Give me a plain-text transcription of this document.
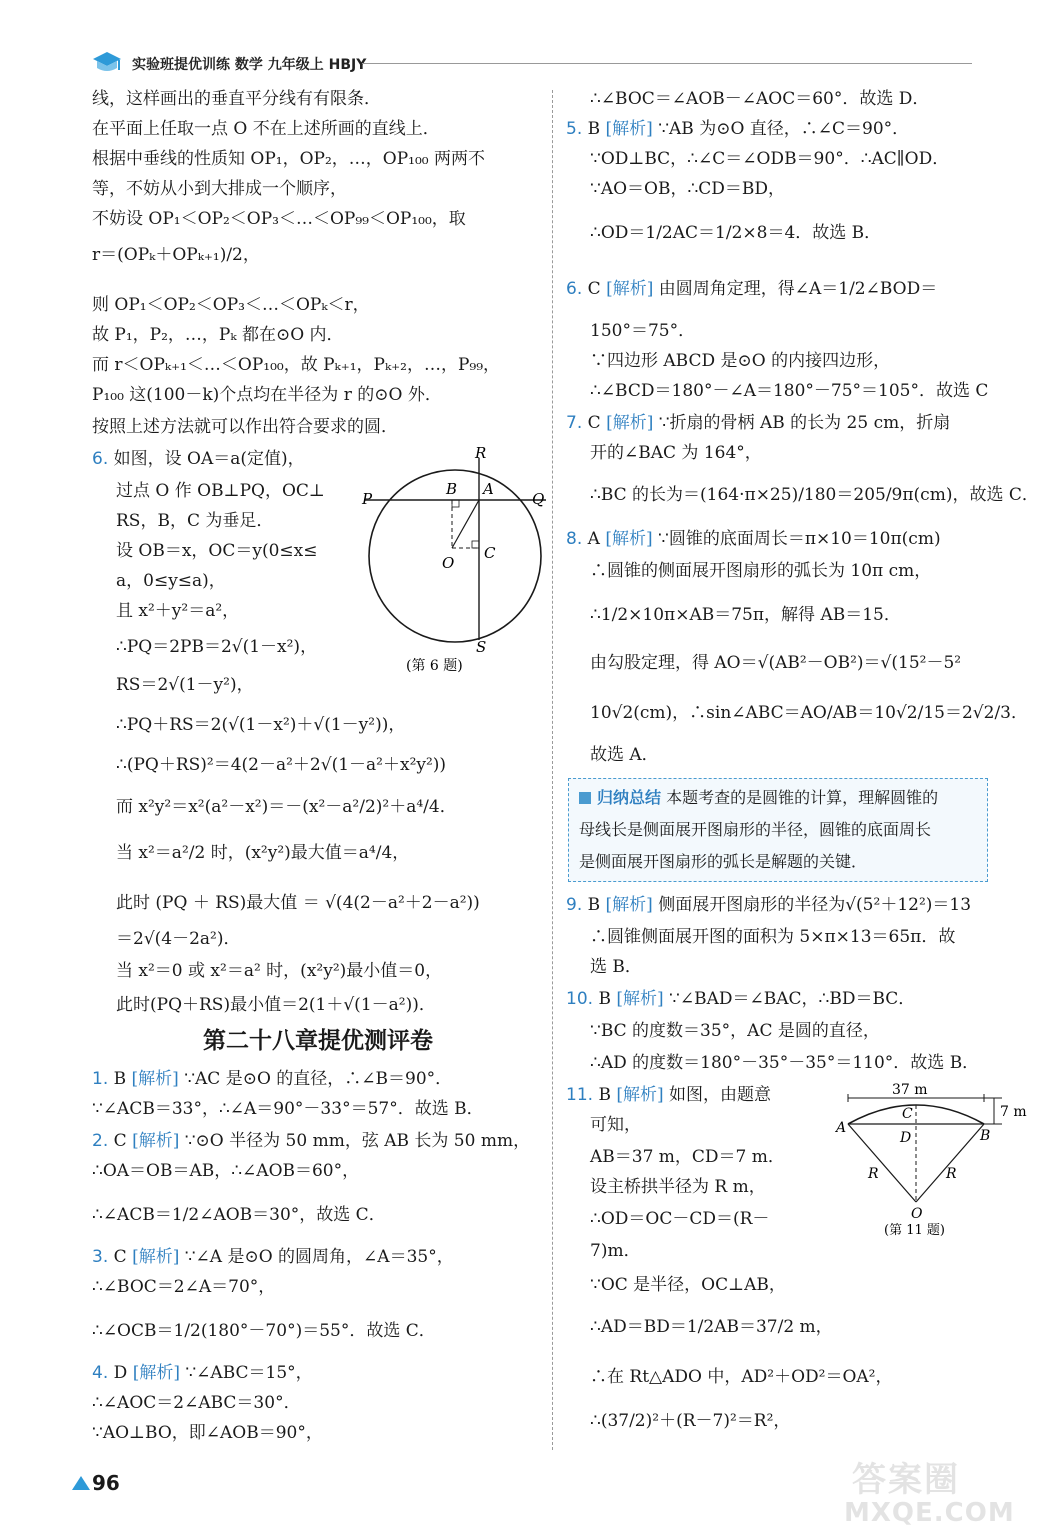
实验班提优训练 数学 九年级上 HBJY
线，这样画出的垂直平分线有有限条．
在平面上任取一点 O 不在上述所画的直线上．
根据中垂线的性质知 OP₁，OP₂，…，OP₁₀₀ 两两不
等，不妨从小到大排成一个顺序，
不妨设 OP₁＜OP₂＜OP₃＜…＜OP₉₉＜OP₁₀₀，取
r＝(OPₖ＋OPₖ₊₁)/2，
则 OP₁＜OP₂＜OP₃＜…＜OPₖ＜r，
故 P₁，P₂，…，Pₖ 都在⊙O 内．
而 r＜OPₖ₊₁＜…＜OP₁₀₀，故 Pₖ₊₁，Pₖ₊₂，…，P₉₉，
P₁₀₀ 这(100－k)个点均在半径为 r 的⊙O 外．
按照上述方法就可以作出符合要求的圆．
6. 如图，设 OA＝a(定值)，
过点 O 作 OB⊥PQ，OC⊥
RS，B，C 为垂足．
设 OB＝x，OC＝y(0≤x≤
a，0≤y≤a)，
且 x²＋y²＝a²，
∴PQ＝2PB＝2√(1－x²)，
RS＝2√(1－y²)，
∴PQ＋RS＝2(√(1－x²)＋√(1－y²))，
∴(PQ＋RS)²＝4(2－a²＋2√(1－a²＋x²y²))
而 x²y²＝x²(a²－x²)＝－(x²－a²/2)²＋a⁴/4．
当 x²＝a²/2 时，(x²y²)最大值＝a⁴/4，
此时 (PQ ＋ RS)最大值 ＝ √(4(2－a²＋2－a²))
＝2√(4－2a²)．
当 x²＝0 或 x²＝a² 时，(x²y²)最小值＝0，
此时(PQ＋RS)最小值＝2(1＋√(1－a²))．
R
P
B A
Q
C
O
S
(第 6 题)
第二十八章提优测评卷
1. B [解析] ∵AC 是⊙O 的直径，∴∠B＝90°．
∵∠ACB＝33°，∴∠A＝90°－33°＝57°．故选 B．
2. C [解析] ∵⊙O 半径为 50 mm，弦 AB 长为 50 mm，
∴OA＝OB＝AB，∴∠AOB＝60°，
∴∠ACB＝1/2∠AOB＝30°，故选 C．
3. C [解析] ∵∠A 是⊙O 的圆周角，∠A＝35°，
∴∠BOC＝2∠A＝70°，
∴∠OCB＝1/2(180°－70°)＝55°．故选 C．
4. D [解析] ∵∠ABC＝15°，
∴∠AOC＝2∠ABC＝30°．
∵AO⊥BO，即∠AOB＝90°，
∴∠BOC＝∠AOB－∠AOC＝60°．故选 D．
5. B [解析] ∵AB 为⊙O 直径，∴∠C＝90°．
∵OD⊥BC，∴∠C＝∠ODB＝90°．∴AC∥OD．
∵AO＝OB，∴CD＝BD，
∴OD＝1/2AC＝1/2×8＝4．故选 B．
6. C [解析] 由圆周角定理，得∠A＝1/2∠BOD＝
150°＝75°．
∵四边形 ABCD 是⊙O 的内接四边形，
∴∠BCD＝180°－∠A＝180°－75°＝105°．故选 C
7. C [解析] ∵折扇的骨柄 AB 的长为 25 cm，折扇
开的∠BAC 为 164°，
∴BC 的长为＝(164·π×25)/180＝205/9π(cm)，故选 C．
8. A [解析] ∵圆锥的底面周长＝π×10＝10π(cm)
∴圆锥的侧面展开图扇形的弧长为 10π cm，
∴1/2×10π×AB＝75π，解得 AB＝15．
由勾股定理，得 AO＝√(AB²－OB²)＝√(15²－5²
10√2(cm)，∴sin∠ABC＝AO/AB＝10√2/15＝2√2/3．
故选 A．
归纳总结 本题考查的是圆锥的计算，理解圆锥的
母线长是侧面展开图扇形的半径，圆锥的底面周长
是侧面展开图扇形的弧长是解题的关键．
9. B [解析] 侧面展开图扇形的半径为√(5²＋12²)＝13
∴圆锥侧面展开图的面积为 5×π×13＝65π．故
选 B．
10. B [解析] ∵∠BAD＝∠BAC，∴BD＝BC．
∵BC 的度数＝35°，AC 是圆的直径，
∴AD 的度数＝180°－35°－35°＝110°．故选 B．
11. B [解析] 如图，由题意
可知，
AB＝37 m，CD＝7 m．
设主桥拱半径为 R m，
∴OD＝OC－CD＝(R－
7)m．
∵OC 是半径，OC⊥AB，
∴AD＝BD＝1/2AB＝37/2 m，
∴在 Rt△ADO 中，AD²＋OD²＝OA²，
∴(37/2)²＋(R－7)²＝R²，
37 m
7 m
A	B
C
D
R	R
O
(第 11 题)
96	答案圈
MXQE.COM
